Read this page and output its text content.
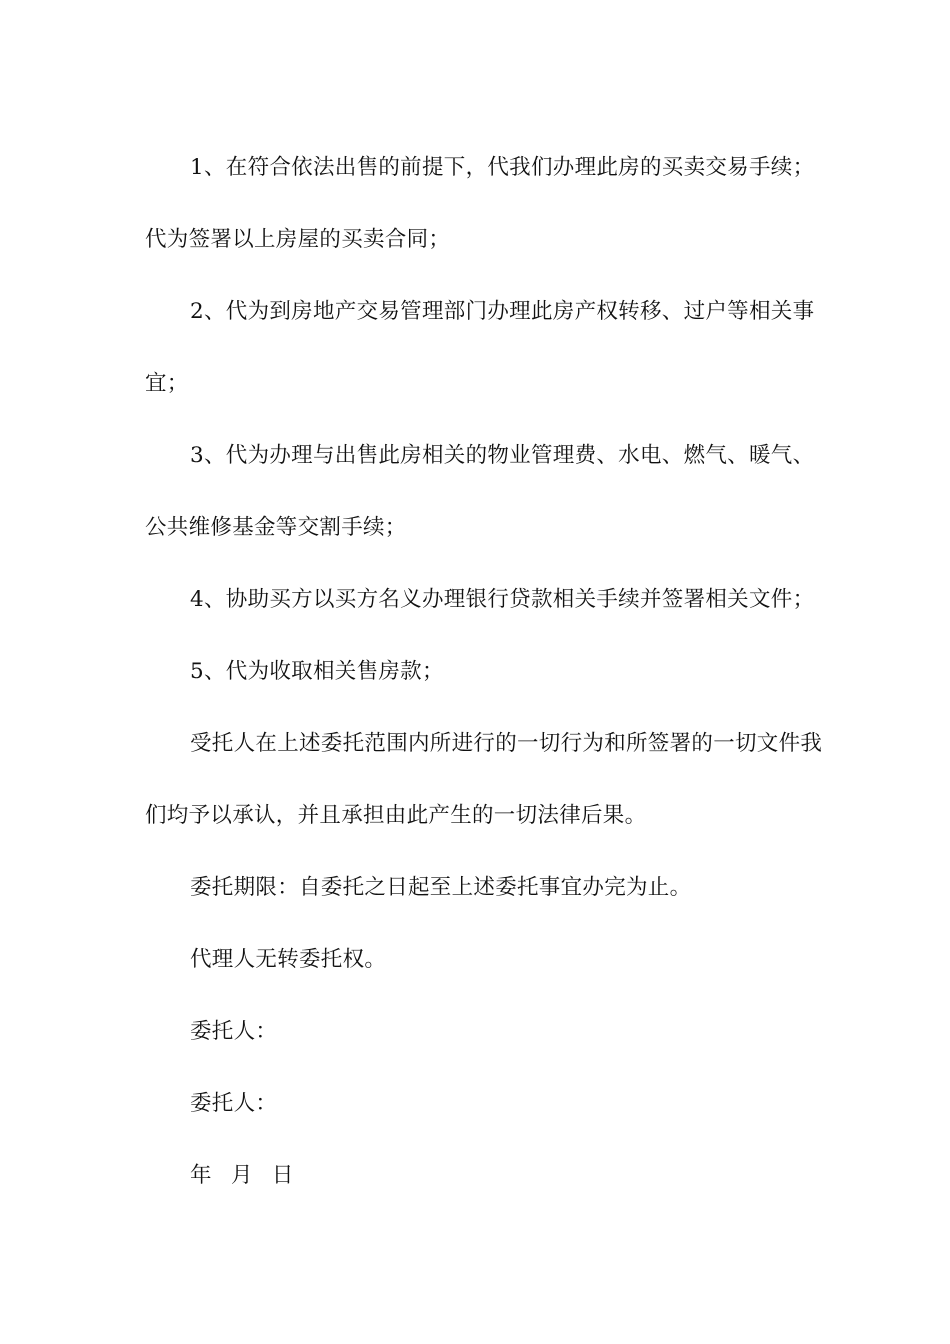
1、在符合依法出售的前提下，代我们办理此房的买卖交易手续；代为签署以上房屋的买卖合同；

2、代为到房地产交易管理部门办理此房产权转移、过户等相关事宜；

3、代为办理与出售此房相关的物业管理费、水电、燃气、暖气、公共维修基金等交割手续；

4、协助买方以买方名义办理银行贷款相关手续并签署相关文件；

5、代为收取相关售房款；

受托人在上述委托范围内所进行的一切行为和所签署的一切文件我们均予以承认，并且承担由此产生的一切法律后果。

委托期限：自委托之日起至上述委托事宜办完为止。

代理人无转委托权。

委托人：

委托人：

年 月 日
